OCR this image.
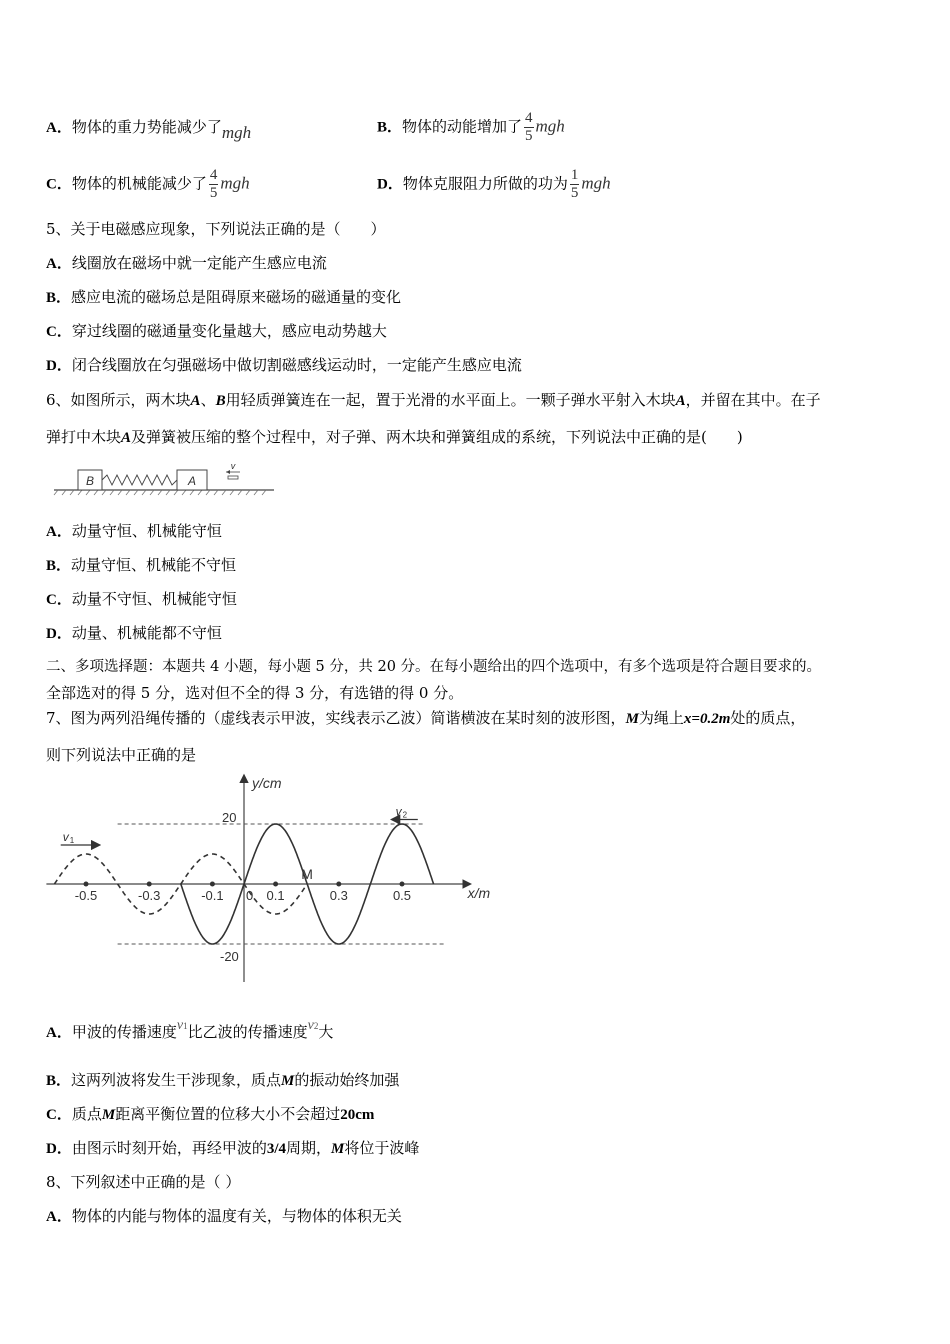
A．物体的重力势能减少了mgh	B．物体的动能增加了 $\frac{4}{5}$ mgh
C．物体的机械能减少了 $\frac{4}{5}$ mgh	D．物体克服阻力所做的功为 $\frac{1}{5}$ mgh
5、关于电磁感应现象，下列说法正确的是（　　）
A．线圈放在磁场中就一定能产生感应电流
B．感应电流的磁场总是阻碍原来磁场的磁通量的变化
C．穿过线圈的磁通量变化量越大，感应电动势越大
D．闭合线圈放在匀强磁场中做切割磁感线运动时，一定能产生感应电流
6、如图所示，两木块A、B用轻质弹簧连在一起，置于光滑的水平面上。一颗子弹水平射入木块A，并留在其中。在子
弹打中木块A及弹簧被压缩的整个过程中，对子弹、两木块和弹簧组成的系统，下列说法中正确的是(　　)
B	A
v
A．动量守恒、机械能守恒
B．动量守恒、机械能不守恒
C．动量不守恒、机械能守恒
D．动量、机械能都不守恒
二、多项选择题：本题共 4 小题，每小题 5 分，共 20 分。在每小题给出的四个选项中，有多个选项是符合题目要求的。
全部选对的得 5 分，选对但不全的得 3 分，有选错的得 0 分。
7、图为两列沿绳传播的（虚线表示甲波，实线表示乙波）简谐横波在某时刻的波形图，M为绳上x=0.2m处的质点，
则下列说法中正确的是
20
-20
y/cm
x/m
-0.5	-0.3	-0.1 0 0.1	0.3	0.5
v 1
v 2
M
A．甲波的传播速度v1比乙波的传播速度v2大
B．这两列波将发生干涉现象，质点M的振动始终加强
C．质点M距离平衡位置的位移大小不会超过20cm
D．由图示时刻开始，再经甲波的3/4周期，M将位于波峰
8、下列叙述中正确的是（ ）
A．物体的内能与物体的温度有关，与物体的体积无关
